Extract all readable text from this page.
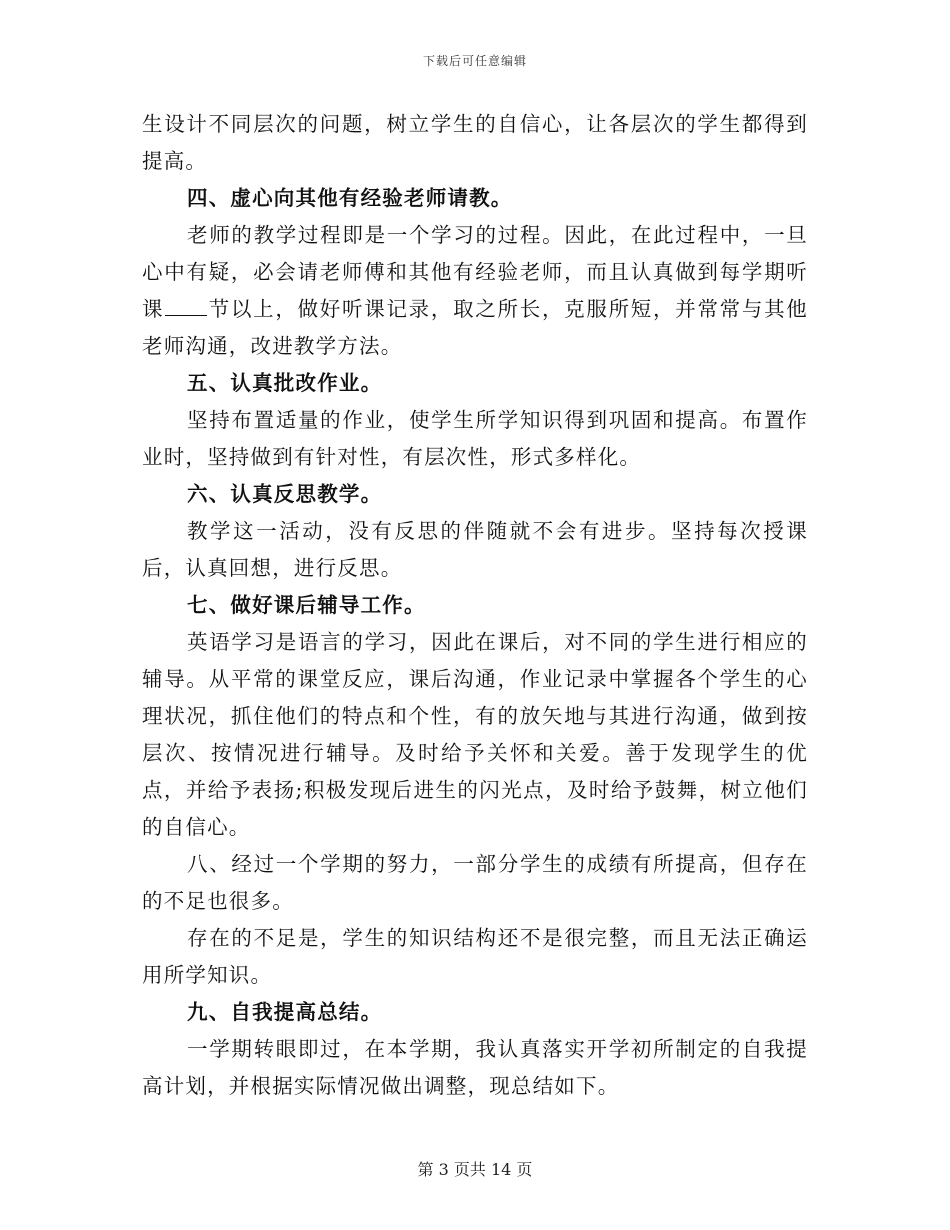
下载后可任意编辑

生设计不同层次的问题，树立学生的自信心，让各层次的学生都得到提高。

四、虚心向其他有经验老师请教。

老师的教学过程即是一个学习的过程。因此，在此过程中，一旦心中有疑，必会请老师傅和其他有经验老师，而且认真做到每学期听课 节以上，做好听课记录，取之所长，克服所短，并常常与其他老师沟通，改进教学方法。

五、认真批改作业。

坚持布置适量的作业，使学生所学知识得到巩固和提高。布置作业时，坚持做到有针对性，有层次性，形式多样化。

六、认真反思教学。

教学这一活动，没有反思的伴随就不会有进步。坚持每次授课后，认真回想，进行反思。

七、做好课后辅导工作。

英语学习是语言的学习，因此在课后，对不同的学生进行相应的辅导。从平常的课堂反应，课后沟通，作业记录中掌握各个学生的心理状况，抓住他们的特点和个性，有的放矢地与其进行沟通，做到按层次、按情况进行辅导。及时给予关怀和关爱。善于发现学生的优点，并给予表扬;积极发现后进生的闪光点，及时给予鼓舞，树立他们的自信心。

八、经过一个学期的努力，一部分学生的成绩有所提高，但存在的不足也很多。

存在的不足是，学生的知识结构还不是很完整，而且无法正确运用所学知识。

九、自我提高总结。

一学期转眼即过，在本学期，我认真落实开学初所制定的自我提高计划，并根据实际情况做出调整，现总结如下。

第 3 页共 14 页
